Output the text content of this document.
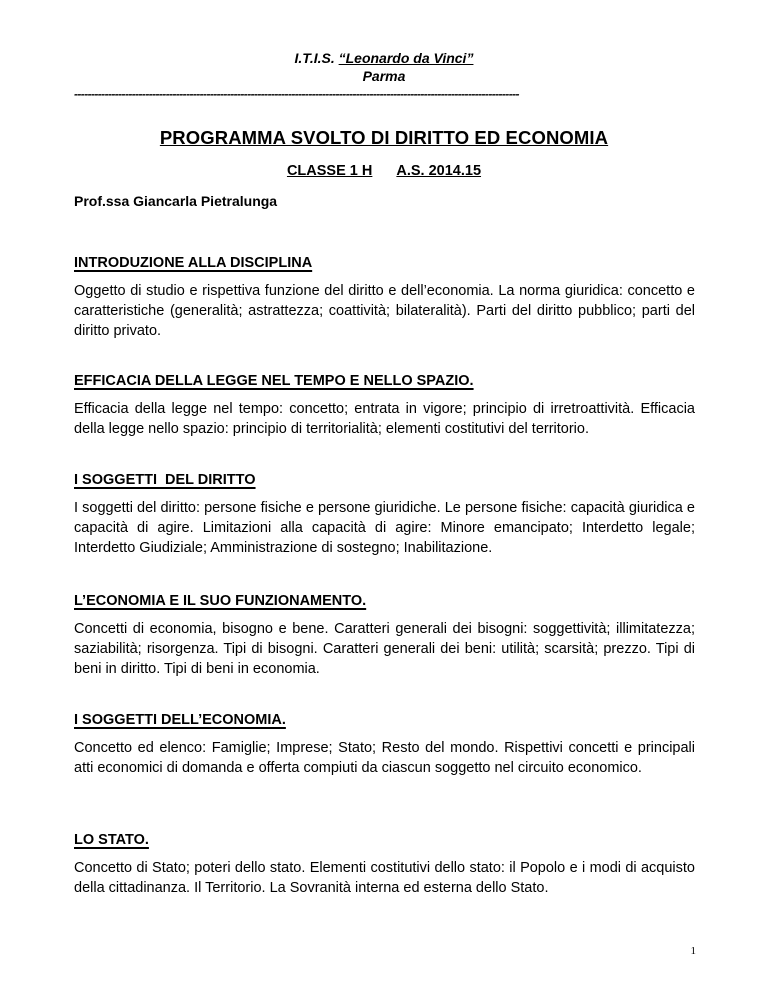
I.T.I.S. “Leonardo da Vinci”
Parma
-----------------------------------------------------------------------------------------------------------------------------------
PROGRAMMA SVOLTO DI DIRITTO ED ECONOMIA
CLASSE 1 H A.S. 2014.15
Prof.ssa Giancarla Pietralunga
INTRODUZIONE ALLA DISCIPLINA
Oggetto di studio e rispettiva funzione del diritto e dell’economia. La norma giuridica: concetto e caratteristiche (generalità; astrattezza; coattività; bilateralità). Parti del diritto pubblico; parti del diritto privato.
EFFICACIA DELLA LEGGE NEL TEMPO E NELLO SPAZIO.
Efficacia della legge nel tempo: concetto; entrata in vigore; principio di irretroattività. Efficacia della legge nello spazio: principio di territorialità; elementi costitutivi del territorio.
I SOGGETTI  DEL DIRITTO
I soggetti del diritto: persone fisiche e persone giuridiche. Le persone fisiche: capacità giuridica e capacità di agire. Limitazioni alla capacità di agire: Minore emancipato; Interdetto legale; Interdetto Giudiziale; Amministrazione di sostegno; Inabilitazione.
L’ECONOMIA E IL SUO FUNZIONAMENTO.
Concetti di economia, bisogno e bene. Caratteri generali dei bisogni: soggettività; illimitatezza; saziabilità; risorgenza. Tipi di bisogni. Caratteri generali dei beni: utilità; scarsità; prezzo. Tipi di beni in diritto. Tipi di beni in economia.
I SOGGETTI DELL’ECONOMIA.
Concetto ed elenco: Famiglie; Imprese; Stato; Resto del mondo. Rispettivi concetti e principali atti economici di domanda e offerta compiuti da ciascun soggetto nel circuito economico.
LO STATO.
Concetto di Stato; poteri dello stato. Elementi costitutivi dello stato: il Popolo e i modi di acquisto della cittadinanza. Il Territorio. La Sovranità interna ed esterna dello Stato.
1
